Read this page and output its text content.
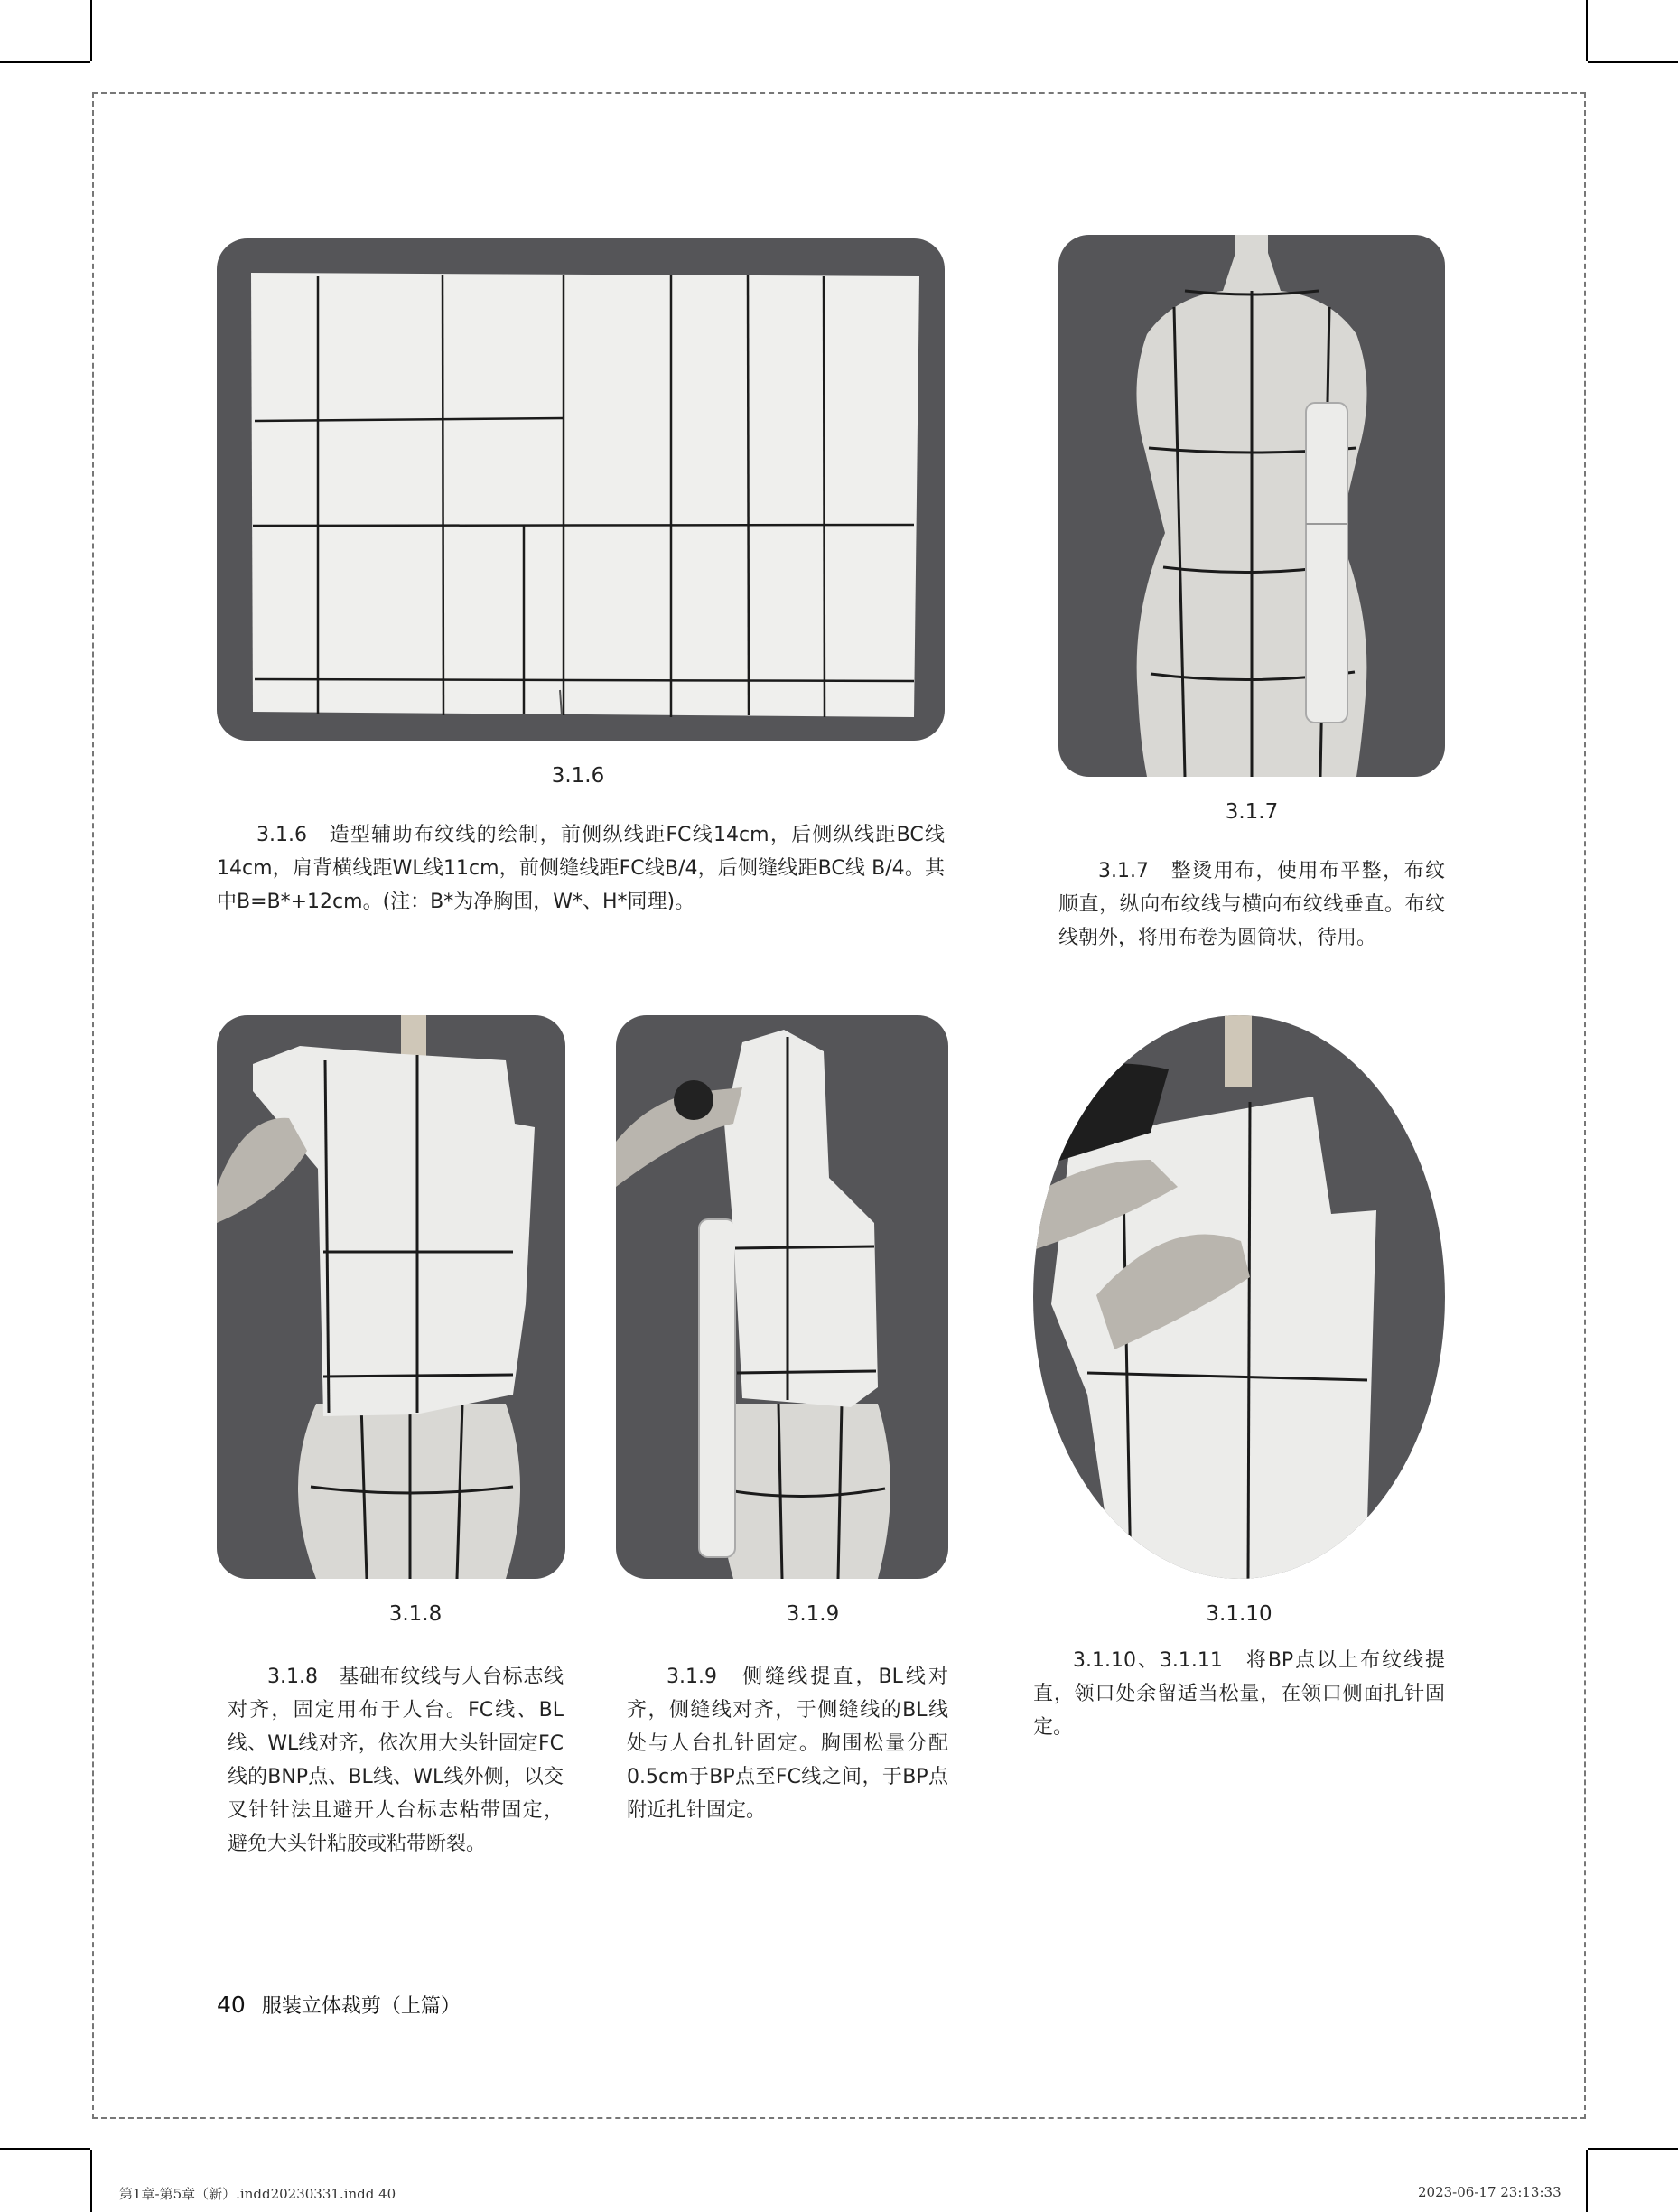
3.1.6
3.1.7
3.1.6　造型辅助布纹线的绘制，前侧纵线距FC线14cm，后侧纵线距BC线14cm，肩背横线距WL线11cm，前侧缝线距FC线B/4，后侧缝线距BC线 B/4。其中B=B*+12cm。(注：B*为净胸围，W*、H*同理)。
3.1.7　整烫用布，使用布平整，布纹顺直，纵向布纹线与横向布纹线垂直。布纹线朝外，将用布卷为圆筒状，待用。
3.1.8
3.1.8　基础布纹线与人台标志线对齐，固定用布于人台。FC线、BL线、WL线对齐，依次用大头针固定FC线的BNP点、BL线、WL线外侧，以交叉针针法且避开人台标志粘带固定，避免大头针粘胶或粘带断裂。
3.1.9
3.1.9　侧缝线提直，BL线对齐，侧缝线对齐，于侧缝线的BL线处与人台扎针固定。胸围松量分配0.5cm于BP点至FC线之间，于BP点附近扎针固定。
3.1.10
3.1.10、3.1.11　将BP点以上布纹线提直，领口处余留适当松量，在领口侧面扎针固定。
40 服装立体裁剪（上篇）
第1章-第5章（新）.indd20230331.indd 40	2023-06-17 23:13:33
